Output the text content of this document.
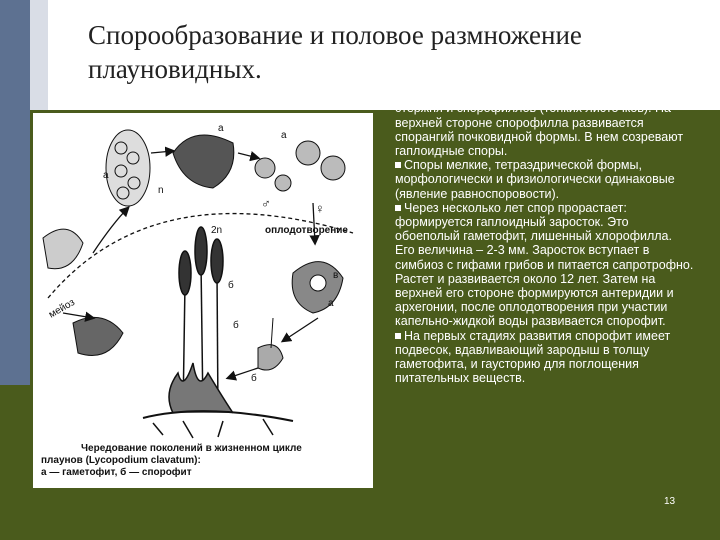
Спорообразование и половое размножение
плауновидных.
мейоз
оплодотворение
n
2n
♂	♀
а
а
а
а
б
б
б
в
Чередование поколений в жизненном цикле
плаунов (Lycopodium clavatum):
а — гаметофит, б — спорофит

На верхушках прямостоячих побегов образуются спороносные колоски – стробилы. Они состоят из стержня и спорофиллов (тонких листочков). На верхней стороне спорофилла развивается спорангий почковидной формы. В нем созревают гаплоидные споры.

Споры мелкие, тетраэдрической формы, морфологически и физиологически одинаковые (явление равноспоровости).

Через несколько лет спор прорастает: формируется гаплоидный заросток. Это обоеполый гаметофит, лишенный хлорофилла. Его величина – 2-3 мм. Заросток вступает в симбиоз с гифами грибов и питается сапротрофно. Растет и развивается около 12 лет. Затем на верхней его стороне формируются антеридии и архегонии, после оплодотворения при участии капельно-жидкой воды развивается спорофит.

На первых стадиях развития спорофит имеет подвесок, вдавливающий зародыш в толщу гаметофита, и гаусторию для поглощения питательных веществ.

13
